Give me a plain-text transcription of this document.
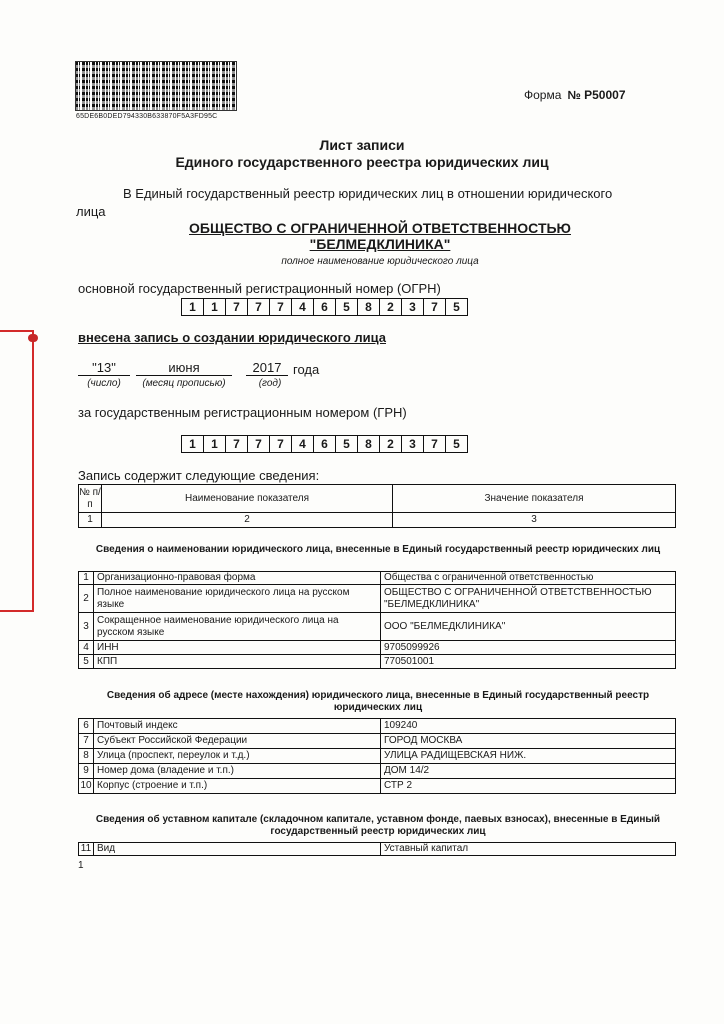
65DE6B0DED794330B633870F5A3FD95C
Форма № Р50007
Лист записи
Единого государственного реестра юридических лиц
В Единый государственный реестр юридических лиц в отношении юридического
лица
ОБЩЕСТВО С ОГРАНИЧЕННОЙ ОТВЕТСТВЕННОСТЬЮ
"БЕЛМЕДКЛИНИКА"
полное наименование юридического лица
основной государственный регистрационный номер (ОГРН)
1	1	7	7	7	4	6	5	8	2	3	7	5
внесена запись о создании юридического лица
"13"	июня	2017 года
(число)	(месяц прописью)	(год)
за государственным регистрационным номером (ГРН)
1	1	7	7	7	4	6	5	8	2	3	7	5
Запись содержит следующие сведения:
№ п/п	Наименование показателя	Значение показателя
1	2	3
Сведения о наименовании юридического лица, внесенные в Единый государственный реестр юридических лиц
1	Организационно-правовая форма	Общества с ограниченной ответственностью
2	Полное наименование юридического лица на русском языке	ОБЩЕСТВО С ОГРАНИЧЕННОЙ ОТВЕТСТВЕННОСТЬЮ "БЕЛМЕДКЛИНИКА"
3	Сокращенное наименование юридического лица на русском языке	ООО "БЕЛМЕДКЛИНИКА"
4	ИНН	9705099926
5	КПП	770501001
Сведения об адресе (месте нахождения) юридического лица, внесенные в Единый государственный реестр юридических лиц
6	Почтовый индекс	109240
7	Субъект Российской Федерации	ГОРОД МОСКВА
8	Улица (проспект, переулок и т.д.)	УЛИЦА РАДИЩЕВСКАЯ НИЖ.
9	Номер дома (владение и т.п.)	ДОМ 14/2
10	Корпус (строение и т.п.)	СТР 2
Сведения об уставном капитале (складочном капитале, уставном фонде, паевых взносах), внесенные в Единый государственный реестр юридических лиц
11	Вид	Уставный капитал
1
